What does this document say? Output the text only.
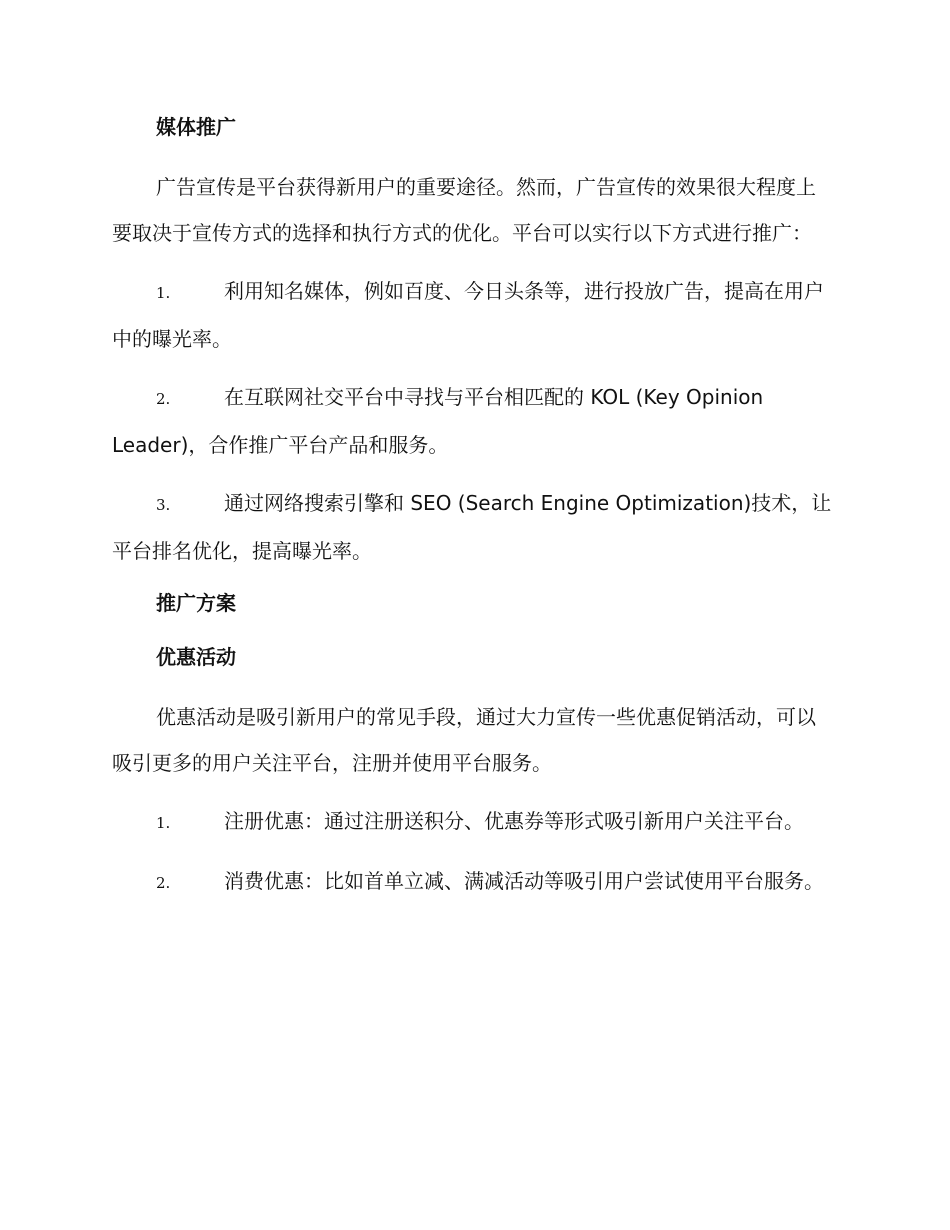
媒体推广
广告宣传是平台获得新用户的重要途径。然而，广告宣传的效果很大程度上要取决于宣传方式的选择和执行方式的优化。平台可以实行以下方式进行推广：
1.	利用知名媒体，例如百度、今日头条等，进行投放广告，提高在用户中的曝光率。
2.	在互联网社交平台中寻找与平台相匹配的 KOL (Key Opinion Leader)，合作推广平台产品和服务。
3.	通过网络搜索引擎和 SEO (Search Engine Optimization)技术，让平台排名优化，提高曝光率。
推广方案
优惠活动
优惠活动是吸引新用户的常见手段，通过大力宣传一些优惠促销活动，可以吸引更多的用户关注平台，注册并使用平台服务。
1.	注册优惠：通过注册送积分、优惠券等形式吸引新用户关注平台。
2.	消费优惠：比如首单立减、满减活动等吸引用户尝试使用平台服务。
